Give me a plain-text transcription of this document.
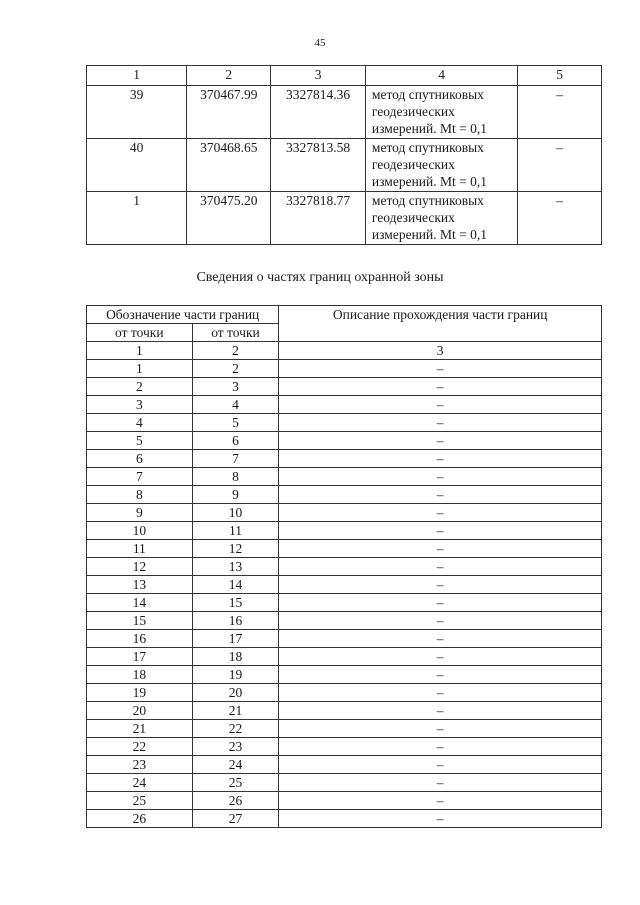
45
1	2	3	4	5
39	370467.99	3327814.36	метод спутниковых
геодезических
измерений. Mt = 0,1	–
40	370468.65	3327813.58	метод спутниковых
геодезических
измерений. Mt = 0,1	–
1	370475.20	3327818.77	метод спутниковых
геодезических
измерений. Mt = 0,1	–
Сведения о частях границ охранной зоны
Обозначение части границ		Описание прохождения части границ
от точки	от точки	
1	2	3
1	2	–
2	3	–
3	4	–
4	5	–
5	6	–
6	7	–
7	8	–
8	9	–
9	10	–
10	11	–
11	12	–
12	13	–
13	14	–
14	15	–
15	16	–
16	17	–
17	18	–
18	19	–
19	20	–
20	21	–
21	22	–
22	23	–
23	24	–
24	25	–
25	26	–
26	27	–
